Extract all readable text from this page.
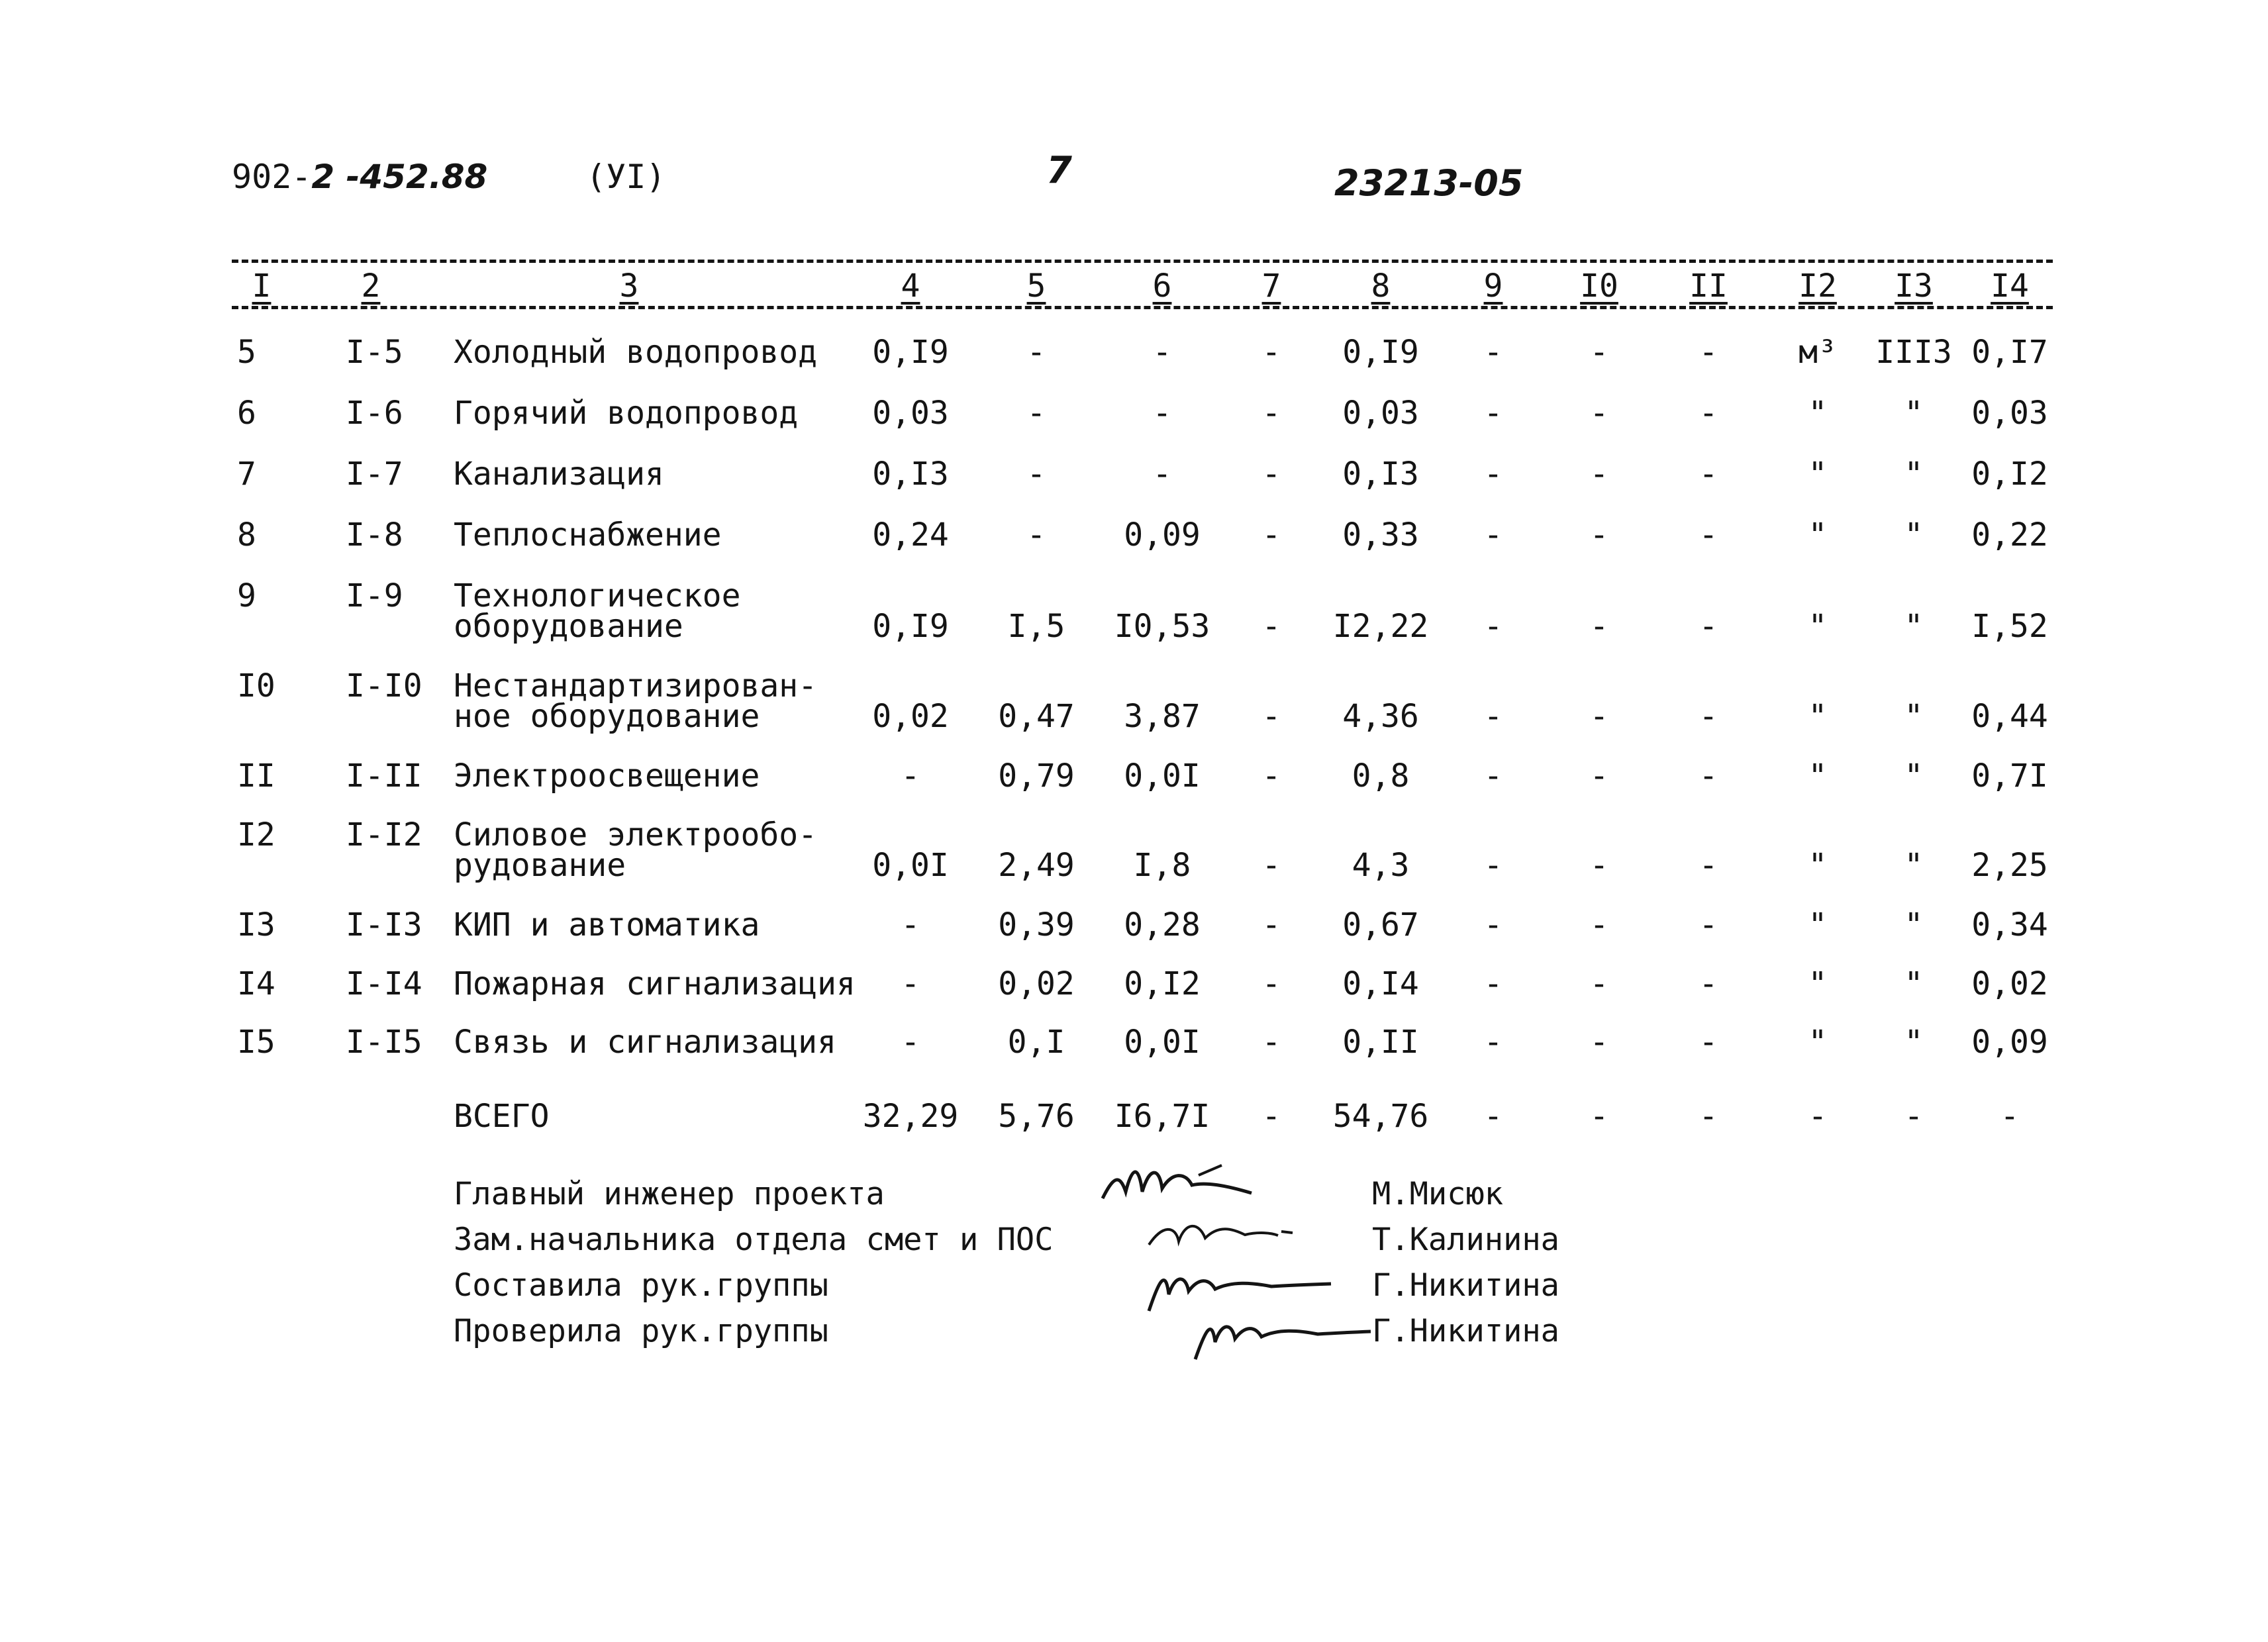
902-2 -452.88	(УI)	7	23213-05
I	2	3	4	5	6	7	8	9 I0 II I2 I3 I4
5	I-5 Холодный водопровод 0,I9 -	-	- 0,I9 -	-	-	м³ III3 0,I7
6	I-6 Горячий водопровод 0,03 -	-	- 0,03 -	-	-	" " 0,03
7	I-7 Канализация	0,I3 -	-	- 0,I3 -	-	-	" " 0,I2
8	I-8 Теплоснабжение	0,24 - 0,09 - 0,33 -	-	-	" " 0,22
9	I-9 Технологическое
оборудование	0,I9 I,5 I0,53 - I2,22 -	-	-	" " I,52
I0 I-I0 Нестандартизирован-
ное оборудование	0,02 0,47 3,87 - 4,36 -	-	-	" " 0,44
II I-II Электроосвещение	- 0,79 0,0I - 0,8 -	-	-	" " 0,7I
I2 I-I2 Силовое электрообо-
рудование	0,0I 2,49 I,8 - 4,3 -	-	-	" " 2,25
I3 I-I3 КИП и автоматика	- 0,39 0,28 - 0,67 -	-	-	" " 0,34
I4 I-I4 Пожарная сигнализация - 0,02 0,I2 - 0,I4 -	-	-	" " 0,02
I5 I-I5 Связь и сигнализация -	0,I 0,0I - 0,II -	-	-	" " 0,09
ВСЕГО	32,29 5,76 I6,7I - 54,76 -	-	-	- - -
Главный инженер проекта
Зам.начальника отдела смет и ПОС
Составила рук.группы
Проверила рук.группы
М.Мисюк
Т.Калинина
Г.Никитина
Г.Никитина
